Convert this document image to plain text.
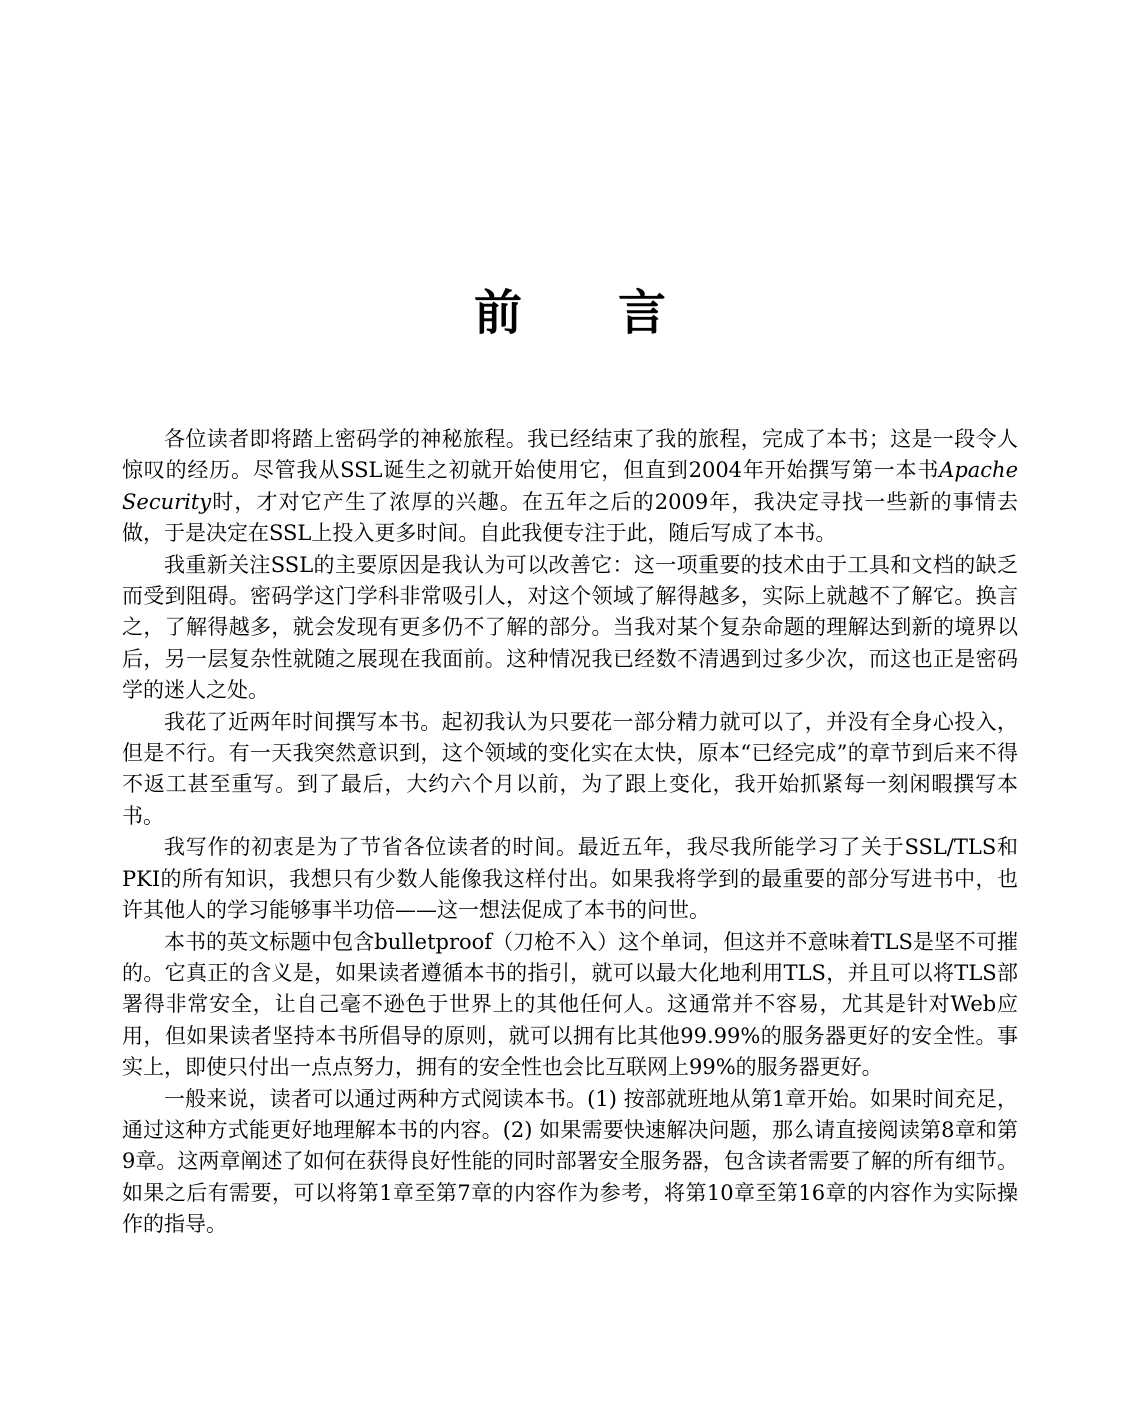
前　　言

各位读者即将踏上密码学的神秘旅程。我已经结束了我的旅程，完成了本书；这是一段令人惊叹的经历。尽管我从SSL诞生之初就开始使用它，但直到2004年开始撰写第一本书Apache Security时，才对它产生了浓厚的兴趣。在五年之后的2009年，我决定寻找一些新的事情去做，于是决定在SSL上投入更多时间。自此我便专注于此，随后写成了本书。

我重新关注SSL的主要原因是我认为可以改善它：这一项重要的技术由于工具和文档的缺乏而受到阻碍。密码学这门学科非常吸引人，对这个领域了解得越多，实际上就越不了解它。换言之，了解得越多，就会发现有更多仍不了解的部分。当我对某个复杂命题的理解达到新的境界以后，另一层复杂性就随之展现在我面前。这种情况我已经数不清遇到过多少次，而这也正是密码学的迷人之处。

我花了近两年时间撰写本书。起初我认为只要花一部分精力就可以了，并没有全身心投入，但是不行。有一天我突然意识到，这个领域的变化实在太快，原本“已经完成”的章节到后来不得不返工甚至重写。到了最后，大约六个月以前，为了跟上变化，我开始抓紧每一刻闲暇撰写本书。

我写作的初衷是为了节省各位读者的时间。最近五年，我尽我所能学习了关于SSL/TLS和PKI的所有知识，我想只有少数人能像我这样付出。如果我将学到的最重要的部分写进书中，也许其他人的学习能够事半功倍——这一想法促成了本书的问世。

本书的英文标题中包含bulletproof（刀枪不入）这个单词，但这并不意味着TLS是坚不可摧的。它真正的含义是，如果读者遵循本书的指引，就可以最大化地利用TLS，并且可以将TLS部署得非常安全，让自己毫不逊色于世界上的其他任何人。这通常并不容易，尤其是针对Web应用，但如果读者坚持本书所倡导的原则，就可以拥有比其他99.99%的服务器更好的安全性。事实上，即使只付出一点点努力，拥有的安全性也会比互联网上99%的服务器更好。

一般来说，读者可以通过两种方式阅读本书。(1) 按部就班地从第1章开始。如果时间充足，通过这种方式能更好地理解本书的内容。(2) 如果需要快速解决问题，那么请直接阅读第8章和第9章。这两章阐述了如何在获得良好性能的同时部署安全服务器，包含读者需要了解的所有细节。如果之后有需要，可以将第1章至第7章的内容作为参考，将第10章至第16章的内容作为实际操作的指导。
